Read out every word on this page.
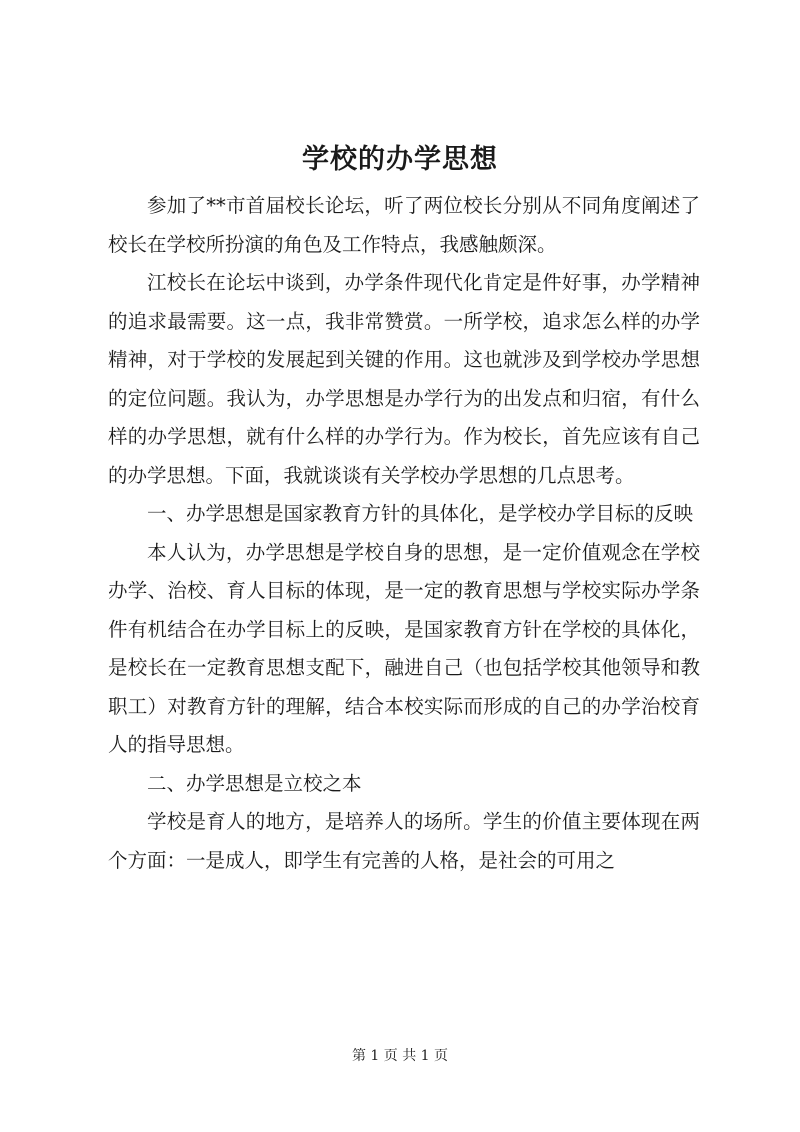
学校的办学思想

参加了**市首届校长论坛，听了两位校长分别从不同角度阐述了校长在学校所扮演的角色及工作特点，我感触颇深。

江校长在论坛中谈到，办学条件现代化肯定是件好事，办学精神的追求最需要。这一点，我非常赞赏。一所学校，追求怎么样的办学精神，对于学校的发展起到关键的作用。这也就涉及到学校办学思想的定位问题。我认为，办学思想是办学行为的出发点和归宿，有什么样的办学思想，就有什么样的办学行为。作为校长，首先应该有自己的办学思想。下面，我就谈谈有关学校办学思想的几点思考。

一、办学思想是国家教育方针的具体化，是学校办学目标的反映

本人认为，办学思想是学校自身的思想，是一定价值观念在学校办学、治校、育人目标的体现，是一定的教育思想与学校实际办学条件有机结合在办学目标上的反映，是国家教育方针在学校的具体化，是校长在一定教育思想支配下，融进自己（也包括学校其他领导和教职工）对教育方针的理解，结合本校实际而形成的自己的办学治校育人的指导思想。

二、办学思想是立校之本

学校是育人的地方，是培养人的场所。学生的价值主要体现在两个方面：一是成人，即学生有完善的人格，是社会的可用之

第 1 页 共 1 页
